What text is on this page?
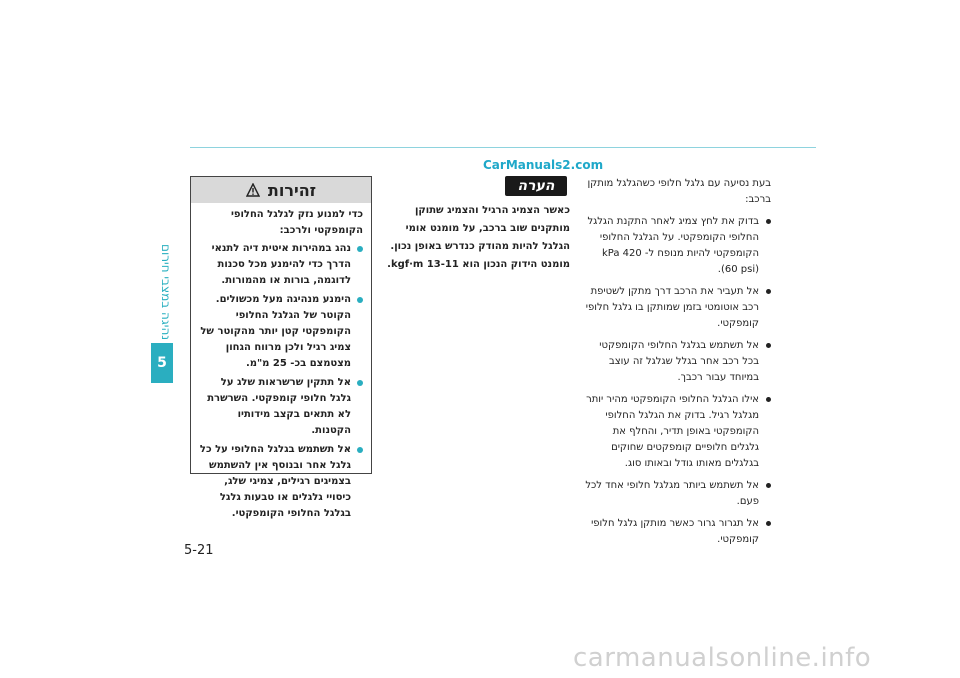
נהיגה במצבי חירום
5
CarManuals2.com
זהירות

כדי למנוע נזק לגלגל החלופי הקומפקטי ולרכב:

נהג במהירות איטית דיה לתנאי הדרך כדי להימנע מכל סכנות לדוגמה, בורות או מהמורות.
הימנע מנהיגה מעל מכשולים. הקוטר של הגלגל החלופי הקומפקטי קטן יותר מהקוטר של צמיג רגיל ולכן מרווח הגחון מצטמצם בכ- 25 מ"מ.
אל תתקין שרשראות שלג על גלגל חלופי קומפקטי. השרשרת לא תתאים בקצב מידותיו הקטנות.
אל תשתמש בגלגל החלופי על כל גלגל אחר ובנוסף אין להשתמש בצמיגים רגילים, צמיגי שלג, כיסויי גלגלים או טבעות גלגל בגלגל החלופי הקומפקטי.
הערה
כאשר הצמיג הרגיל והצמיג שתוקן מותקנים שוב ברכב, על מומנט אומי הגלגל להיות מהודק כנדרש באופן נכון. מומנט הידוק הנכון הוא 13-11 kgf·m.

בעת נסיעה עם גלגל חלופי כשהגלגל מותקן ברכב:

בדוק את לחץ צמיג לאחר התקנת הגלגל החלופי הקומפקטי. על הגלגל החלופי הקומפקטי להיות מנופח ל- 420 kPa (60 psi).
אל תעביר את הרכב דרך מתקן לשטיפת רכב אוטומטי בזמן שמותקן בו גלגל חלופי קומפקטי.
אל תשתמש בגלגל החלופי הקומפקטי בכל רכב אחר בגלל שגלגל זה עוצב במיוחד עבור רכבך.
אילו הגלגל החלופי הקומפקטי מהיר יותר מגלגל רגיל. בדוק את הגלגל החלופי הקומפקטי באופן תדיר, והחלף את גלגלים חלופיים קומפקטים שחוקים בגלגלים מאותו גודל ובאותו סוג.
אל תשתמש ביותר מגלגל חלופי אחד לכל פעם.
אל תגרור גרור כאשר מותקן גלגל חלופי קומפקטי.
5-21
carmanualsonline.info
